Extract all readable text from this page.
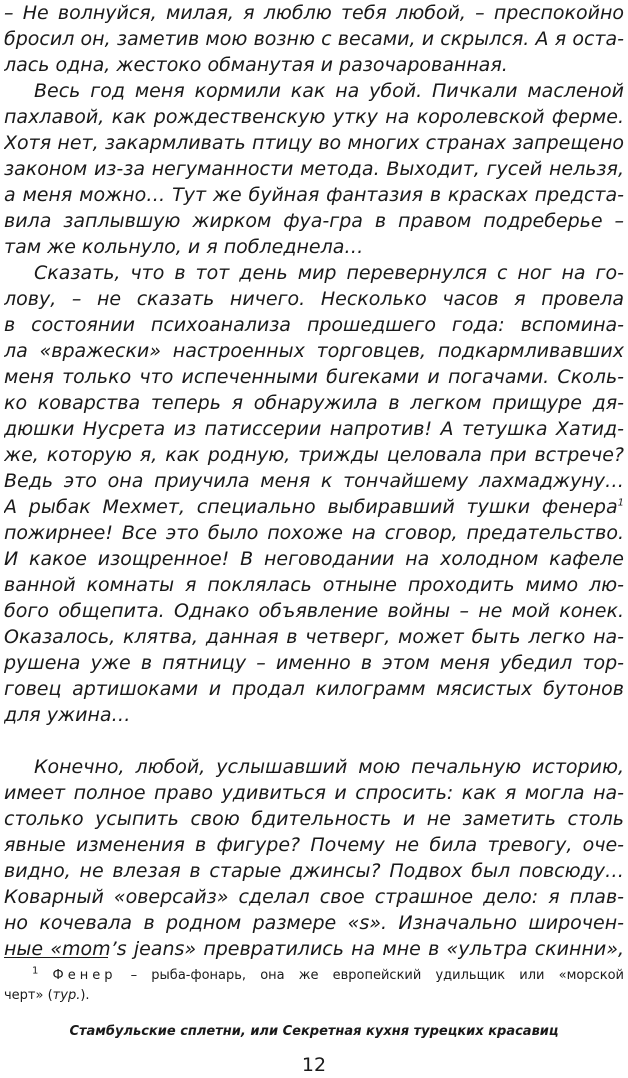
– Не волнуйся, милая, я люблю тебя любой, – преспокойно
бросил он, заметив мою возню с весами, и скрылся. А я оста-
лась одна, жестоко обманутая и разочарованная.
Весь год меня кормили как на убой. Пичкали масленой
пахлавой, как рождественскую утку на королевской ферме.
Хотя нет, закармливать птицу во многих странах запрещено
законом из-за негуманности метода. Выходит, гусей нельзя,
а меня можно… Тут же буйная фантазия в красках предста-
вила заплывшую жирком фуа-гра в правом подреберье –
там же кольнуло, и я побледнела…
Сказать, что в тот день мир перевернулся с ног на го-
лову, – не сказать ничего. Несколько часов я провела
в состоянии психоанализа прошедшего года: вспомина-
ла «вражески» настроенных торговцев, подкармливавших
меня только что испеченными бureками и погачами. Сколь-
ко коварства теперь я обнаружила в легком прищуре дя-
дюшки Нусрета из патиссерии напротив! А тетушка Хатид-
же, которую я, как родную, трижды целовала при встрече?
Ведь это она приучила меня к тончайшему лахмаджуну…
А рыбак Мехмет, специально выбиравший тушки фенера$^1$
пожирнее! Все это было похоже на сговор, предательство.
И какое изощренное! В неговодании на холодном кафеле
ванной комнаты я поклялась отныне проходить мимо лю-
бого общепита. Однако объявление войны – не мой конек.
Оказалось, клятва, данная в четверг, может быть легко на-
рушена уже в пятницу – именно в этом меня убедил тор-
говец артишоками и продал килограмм мясистых бутонов
для ужина…
Конечно, любой, услышавший мою печальную историю,
имеет полное право удивиться и спросить: как я могла на-
столько усыпить свою бдительность и не заметить столь
явные изменения в фигуре? Почему не била тревогу, оче-
видно, не влезая в старые джинсы? Подвох был повсюду…
Коварный «оверсайз» сделал свое страшное дело: я плав-
но кочевала в родном размере «s». Изначально широчен-
ные «mom’s jeans» превратились на мне в «ультра скинни»,
$^1$ Фенер – рыба-фонарь, она же европейский удильщик или «морской
черт» (тур.).
Стамбульские сплетни, или Секретная кухня турецких красавиц
12
